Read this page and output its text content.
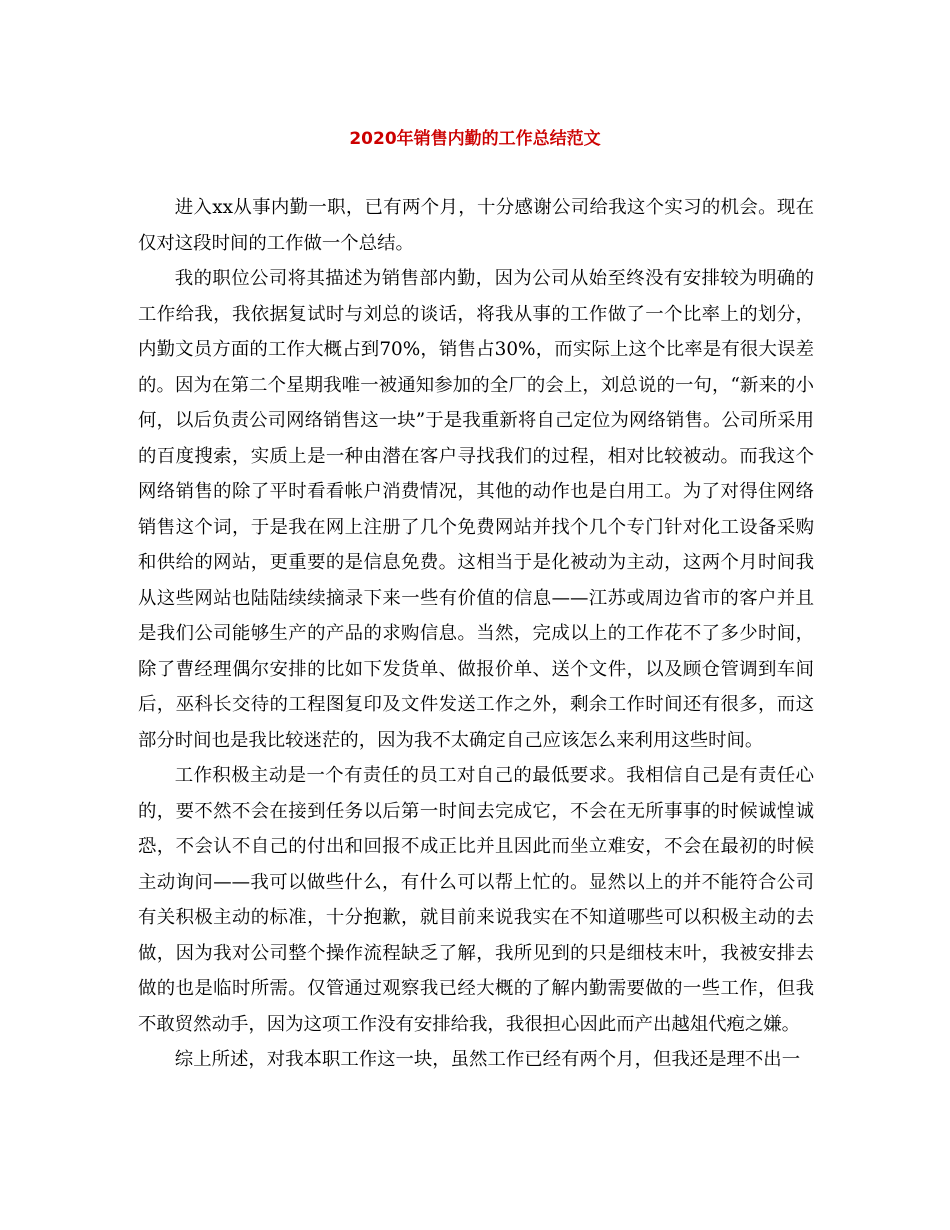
2020年销售内勤的工作总结范文

进入xx从事内勤一职，已有两个月，十分感谢公司给我这个实习的机会。现在仅对这段时间的工作做一个总结。

我的职位公司将其描述为销售部内勤，因为公司从始至终没有安排较为明确的工作给我，我依据复试时与刘总的谈话，将我从事的工作做了一个比率上的划分，内勤文员方面的工作大概占到70%，销售占30%，而实际上这个比率是有很大误差的。因为在第二个星期我唯一被通知参加的全厂的会上，刘总说的一句，“新来的小何，以后负责公司网络销售这一块”于是我重新将自己定位为网络销售。公司所采用的百度搜索，实质上是一种由潜在客户寻找我们的过程，相对比较被动。而我这个网络销售的除了平时看看帐户消费情况，其他的动作也是白用工。为了对得住网络销售这个词，于是我在网上注册了几个免费网站并找个几个专门针对化工设备采购和供给的网站，更重要的是信息免费。这相当于是化被动为主动，这两个月时间我从这些网站也陆陆续续摘录下来一些有价值的信息——江苏或周边省市的客户并且是我们公司能够生产的产品的求购信息。当然，完成以上的工作花不了多少时间，除了曹经理偶尔安排的比如下发货单、做报价单、送个文件，以及顾仓管调到车间后，巫科长交待的工程图复印及文件发送工作之外，剩余工作时间还有很多，而这部分时间也是我比较迷茫的，因为我不太确定自己应该怎么来利用这些时间。

工作积极主动是一个有责任的员工对自己的最低要求。我相信自己是有责任心的，要不然不会在接到任务以后第一时间去完成它，不会在无所事事的时候诚惶诚恐，不会认不自己的付出和回报不成正比并且因此而坐立难安，不会在最初的时候主动询问——我可以做些什么，有什么可以帮上忙的。显然以上的并不能符合公司有关积极主动的标准，十分抱歉，就目前来说我实在不知道哪些可以积极主动的去做，因为我对公司整个操作流程缺乏了解，我所见到的只是细枝末叶，我被安排去做的也是临时所需。仅管通过观察我已经大概的了解内勤需要做的一些工作，但我不敢贸然动手，因为这项工作没有安排给我，我很担心因此而产出越俎代疱之嫌。

综上所述，对我本职工作这一块，虽然工作已经有两个月，但我还是理不出一
